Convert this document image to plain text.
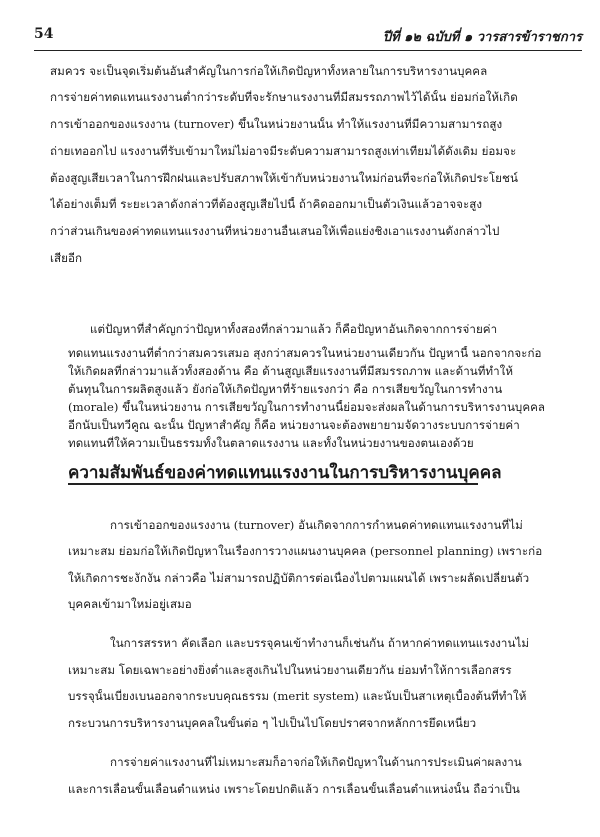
54	ปีที่ ๑๒ ฉบับที่ ๑ วารสารข้าราชการ
สมควร จะเป็นจุดเริ่มต้นอันสำคัญในการก่อให้เกิดปัญหาทั้งหลายในการบริหารงานบุคคล
การจ่ายค่าทดแทนแรงงานต่ำกว่าระดับที่จะรักษาแรงงานที่มีสมรรถภาพไว้ได้นั้น ย่อมก่อให้เกิด
การเข้าออกของแรงงาน (turnover) ขึ้นในหน่วยงานนั้น ทำให้แรงงานที่มีความสามารถสูง
ถ่ายเทออกไป แรงงานที่รับเข้ามาใหม่ไม่อาจมีระดับความสามารถสูงเท่าเทียมได้ดังเดิม ย่อมจะ
ต้องสูญเสียเวลาในการฝึกฝนและปรับสภาพให้เข้ากับหน่วยงานใหม่ก่อนที่จะก่อให้เกิดประโยชน์
ได้อย่างเต็มที่ ระยะเวลาดังกล่าวที่ต้องสูญเสียไปนี้ ถ้าคิดออกมาเป็นตัวเงินแล้วอาจจะสูง
กว่าส่วนเกินของค่าทดแทนแรงงานที่หน่วยงานอื่นเสนอให้เพื่อแย่งชิงเอาแรงงานดังกล่าวไป
เสียอีก
แต่ปัญหาที่สำคัญกว่าปัญหาทั้งสองที่กล่าวมาแล้ว ก็คือปัญหาอันเกิดจากการจ่ายค่า
ทดแทนแรงงานที่ต่ำกว่าสมควรเสมอ สุงกว่าสมควรในหน่วยงานเดียวกัน ปัญหานี้ นอกจากจะก่อ
ให้เกิดผลที่กล่าวมาแล้วทั้งสองด้าน คือ ด้านสูญเสียแรงงานที่มีสมรรถภาพ และด้านที่ทำให้
ต้นทุนในการผลิตสูงแล้ว ยังก่อให้เกิดปัญหาที่ร้ายแรงกว่า คือ การเสียขวัญในการทำงาน
(morale) ขึ้นในหน่วยงาน การเสียขวัญในการทำงานนี้ย่อมจะส่งผลในด้านการบริหารงานบุคคล
อีกนับเป็นทวีคูณ ฉะนั้น ปัญหาสำคัญ ก็คือ หน่วยงานจะต้องพยายามจัดวางระบบการจ่ายค่า
ทดแทนที่ให้ความเป็นธรรมทั้งในตลาดแรงงาน และทั้งในหน่วยงานของตนเองด้วย
ความสัมพันธ์ของค่าทดแทนแรงงานในการบริหารงานบุคคล
การเข้าออกของแรงงาน (turnover) อันเกิดจากการกำหนดค่าทดแทนแรงงานที่ไม่
เหมาะสม ย่อมก่อให้เกิดปัญหาในเรื่องการวางแผนงานบุคคล (personnel planning) เพราะก่อ
ให้เกิดการชะงักงัน กล่าวคือ ไม่สามารถปฏิบัติการต่อเนื่องไปตามแผนได้ เพราะผลัดเปลี่ยนตัว
บุคคลเข้ามาใหม่อยู่เสมอ
ในการสรรหา คัดเลือก และบรรจุคนเข้าทำงานก็เช่นกัน ถ้าหากค่าทดแทนแรงงานไม่
เหมาะสม โดยเฉพาะอย่างยิ่งต่ำและสูงเกินไปในหน่วยงานเดียวกัน ย่อมทำให้การเลือกสรร
บรรจุนั้นเบี่ยงเบนออกจากระบบคุณธรรม (merit system) และนับเป็นสาเหตุเบื้องต้นที่ทำให้
กระบวนการบริหารงานบุคคลในขั้นต่อ ๆ ไปเป็นไปโดยปราศจากหลักการยึดเหนี่ยว
การจ่ายค่าแรงงานที่ไม่เหมาะสมก็อาจก่อให้เกิดปัญหาในด้านการประเมินค่าผลงาน
และการเลื่อนขั้นเลื่อนตำแหน่ง เพราะโดยปกติแล้ว การเลื่อนขั้นเลื่อนตำแหน่งนั้น ถือว่าเป็น
